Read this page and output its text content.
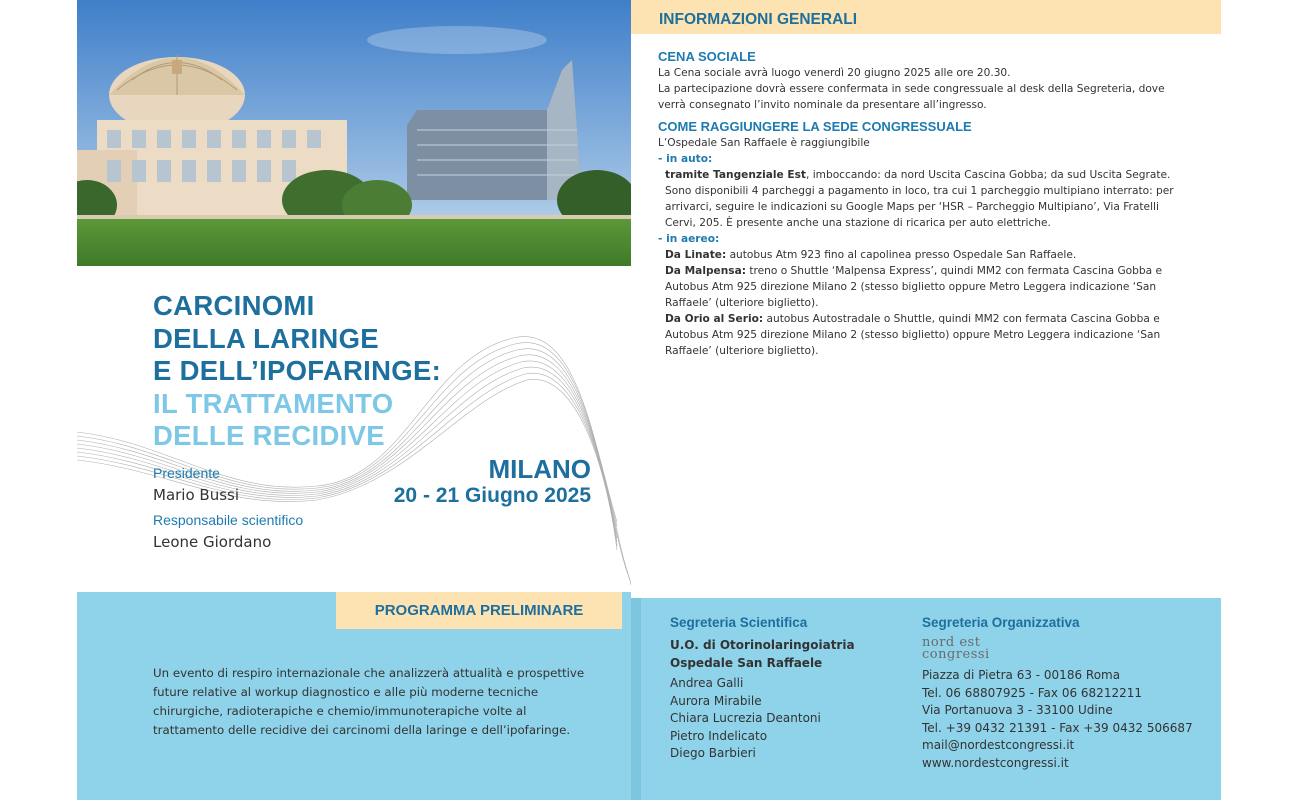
CARCINOMI
DELLA LARINGE
E DELL’IPOFARINGE:
IL TRATTAMENTO
DELLE RECIDIVE
Presidente
Mario Bussi
Responsabile scientifico
Leone Giordano
MILANO
20 - 21 Giugno 2025
PROGRAMMA PRELIMINARE
Un evento di respiro internazionale che analizzerà attualità e prospettive future relative al workup diagnostico e alle più moderne tecniche chirurgiche, radioterapiche e chemio/immunoterapiche volte al trattamento delle recidive dei carcinomi della laringe e dell’ipofaringe.
INFORMAZIONI GENERALI
CENA SOCIALE

La Cena sociale avrà luogo venerdì 20 giugno 2025 alle ore 20.30.

La partecipazione dovrà essere confermata in sede congressuale al desk della Segreteria, dove verrà consegnato l’invito nominale da presentare all’ingresso.

COME RAGGIUNGERE LA SEDE CONGRESSUALE

L’Ospedale San Raffaele è raggiungibile

- in auto:

tramite Tangenziale Est, imboccando: da nord Uscita Cascina Gobba; da sud Uscita Segrate. Sono disponibili 4 parcheggi a pagamento in loco, tra cui 1 parcheggio multipiano interrato: per arrivarci, seguire le indicazioni su Google Maps per ‘HSR – Parcheggio Multipiano’, Via Fratelli Cervi, 205. È presente anche una stazione di ricarica per auto elettriche.

- in aereo:

Da Linate: autobus Atm 923 fino al capolinea presso Ospedale San Raffaele.

Da Malpensa: treno o Shuttle ‘Malpensa Express’, quindi MM2 con fermata Cascina Gobba e Autobus Atm 925 direzione Milano 2 (stesso biglietto oppure Metro Leggera indicazione ‘San Raffaele’ (ulteriore biglietto).

Da Orio al Serio: autobus Autostradale o Shuttle, quindi MM2 con fermata Cascina Gobba e Autobus Atm 925 direzione Milano 2 (stesso biglietto) oppure Metro Leggera indicazione ‘San Raffaele’ (ulteriore biglietto).

Segreteria Scientifica
U.O. di Otorinolaringoiatria
Ospedale San Raffaele
Andrea Galli
Aurora Mirabile
Chiara Lucrezia Deantoni
Pietro Indelicato
Diego Barbieri
Segreteria Organizzativa
nord est
congressi
Piazza di Pietra 63 - 00186 Roma
Tel. 06 68807925 - Fax 06 68212211
Via Portanuova 3 - 33100 Udine
Tel. +39 0432 21391 - Fax +39 0432 506687
mail@nordestcongressi.it
www.nordestcongressi.it
